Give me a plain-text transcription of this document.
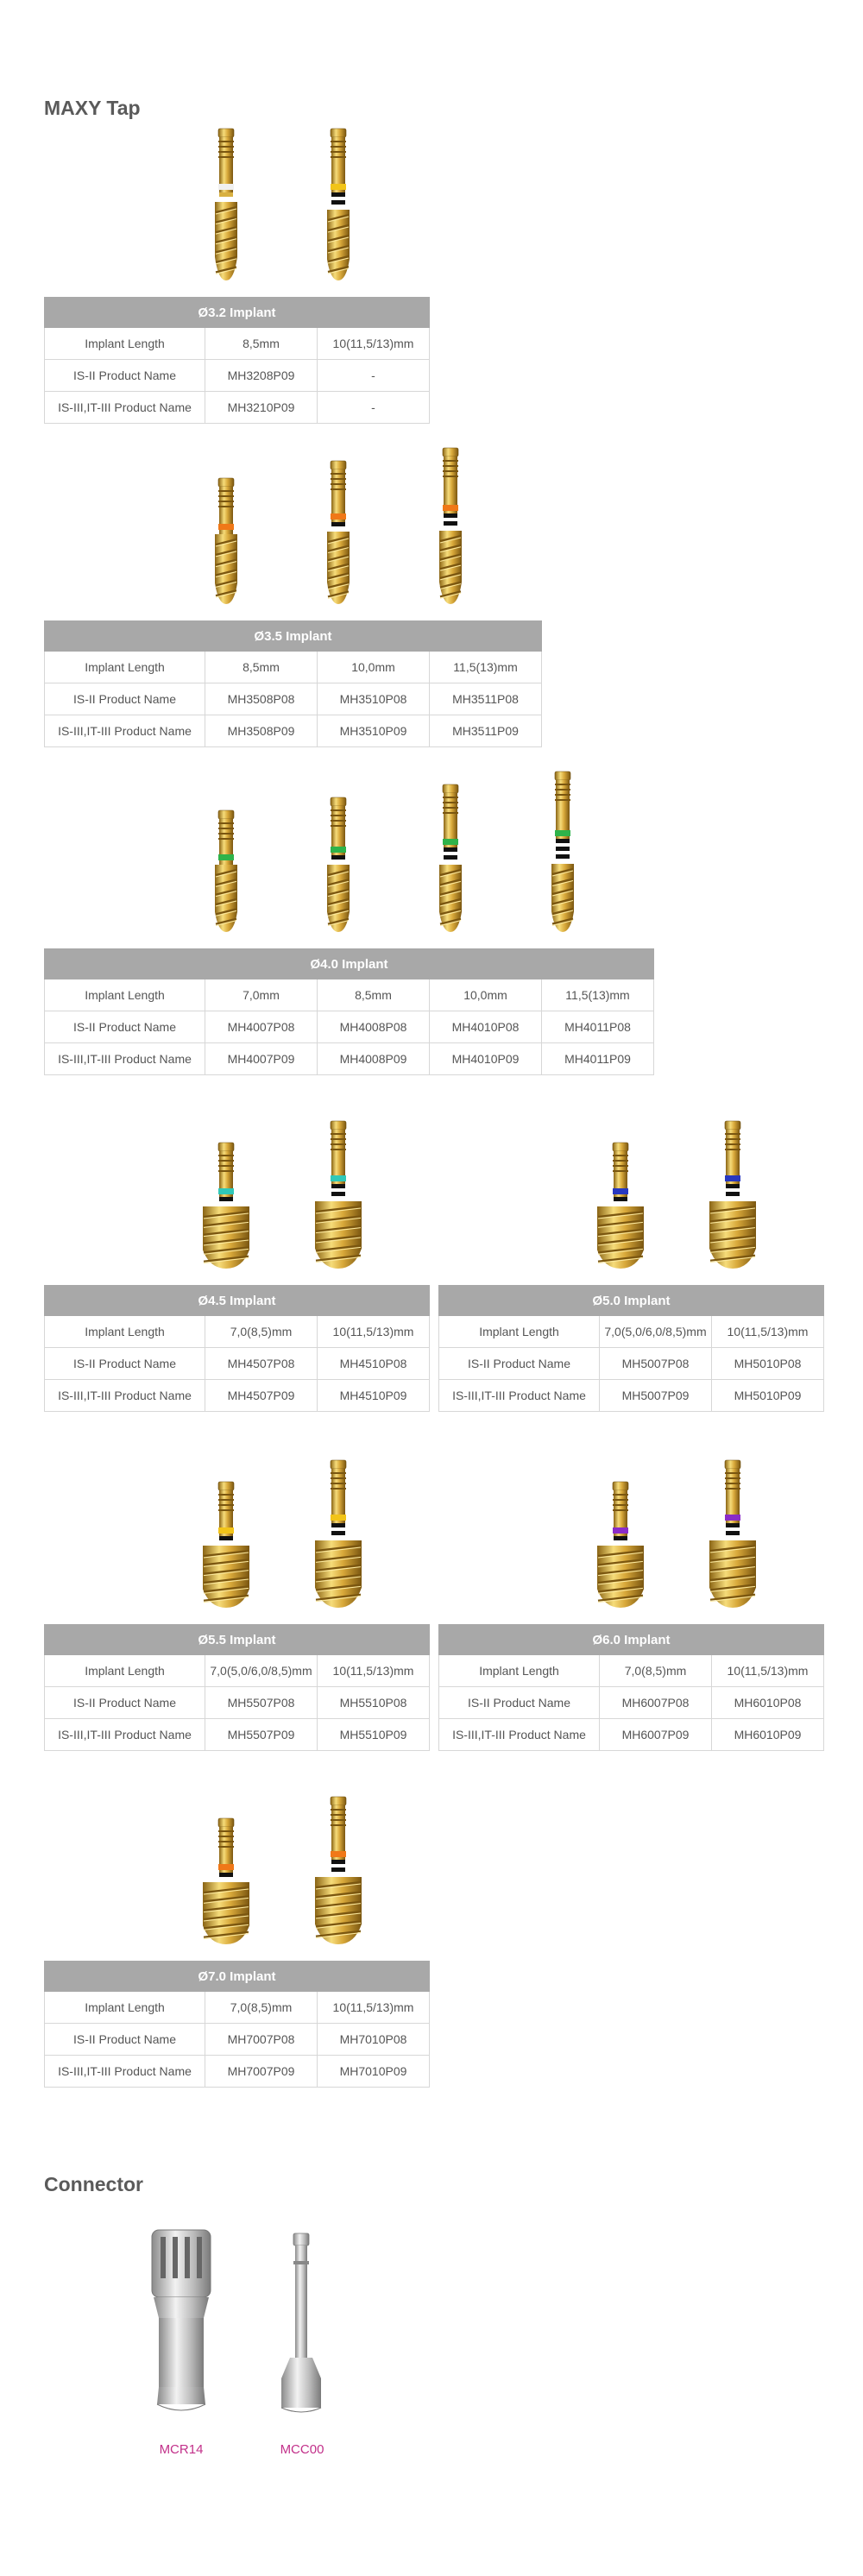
MAXY Tap
Ø3.2 Implant		
Implant Length	8,5mm	10(11,5/13)mm
IS-II Product Name	MH3208P09	-
IS-III,IT-III Product Name	MH3210P09	-
Ø3.5 Implant			
Implant Length	8,5mm	10,0mm	11,5(13)mm
IS-II Product Name	MH3508P08	MH3510P08	MH3511P08
IS-III,IT-III Product Name	MH3508P09	MH3510P09	MH3511P09
Ø4.0 Implant				
Implant Length	7,0mm	8,5mm	10,0mm	11,5(13)mm
IS-II Product Name	MH4007P08	MH4008P08	MH4010P08	MH4011P08
IS-III,IT-III Product Name	MH4007P09	MH4008P09	MH4010P09	MH4011P09
Ø4.5 Implant		
Implant Length	7,0(8,5)mm	10(11,5/13)mm
IS-II Product Name	MH4507P08	MH4510P08
IS-III,IT-III Product Name	MH4507P09	MH4510P09
Ø5.0 Implant		
Implant Length	7,0(5,0/6,0/8,5)mm	10(11,5/13)mm
IS-II Product Name	MH5007P08	MH5010P08
IS-III,IT-III Product Name	MH5007P09	MH5010P09
Ø5.5 Implant		
Implant Length	7,0(5,0/6,0/8,5)mm	10(11,5/13)mm
IS-II Product Name	MH5507P08	MH5510P08
IS-III,IT-III Product Name	MH5507P09	MH5510P09
Ø6.0 Implant		
Implant Length	7,0(8,5)mm	10(11,5/13)mm
IS-II Product Name	MH6007P08	MH6010P08
IS-III,IT-III Product Name	MH6007P09	MH6010P09
Ø7.0 Implant		
Implant Length	7,0(8,5)mm	10(11,5/13)mm
IS-II Product Name	MH7007P08	MH7010P08
IS-III,IT-III Product Name	MH7007P09	MH7010P09
Connector
MCR14	MCC00
